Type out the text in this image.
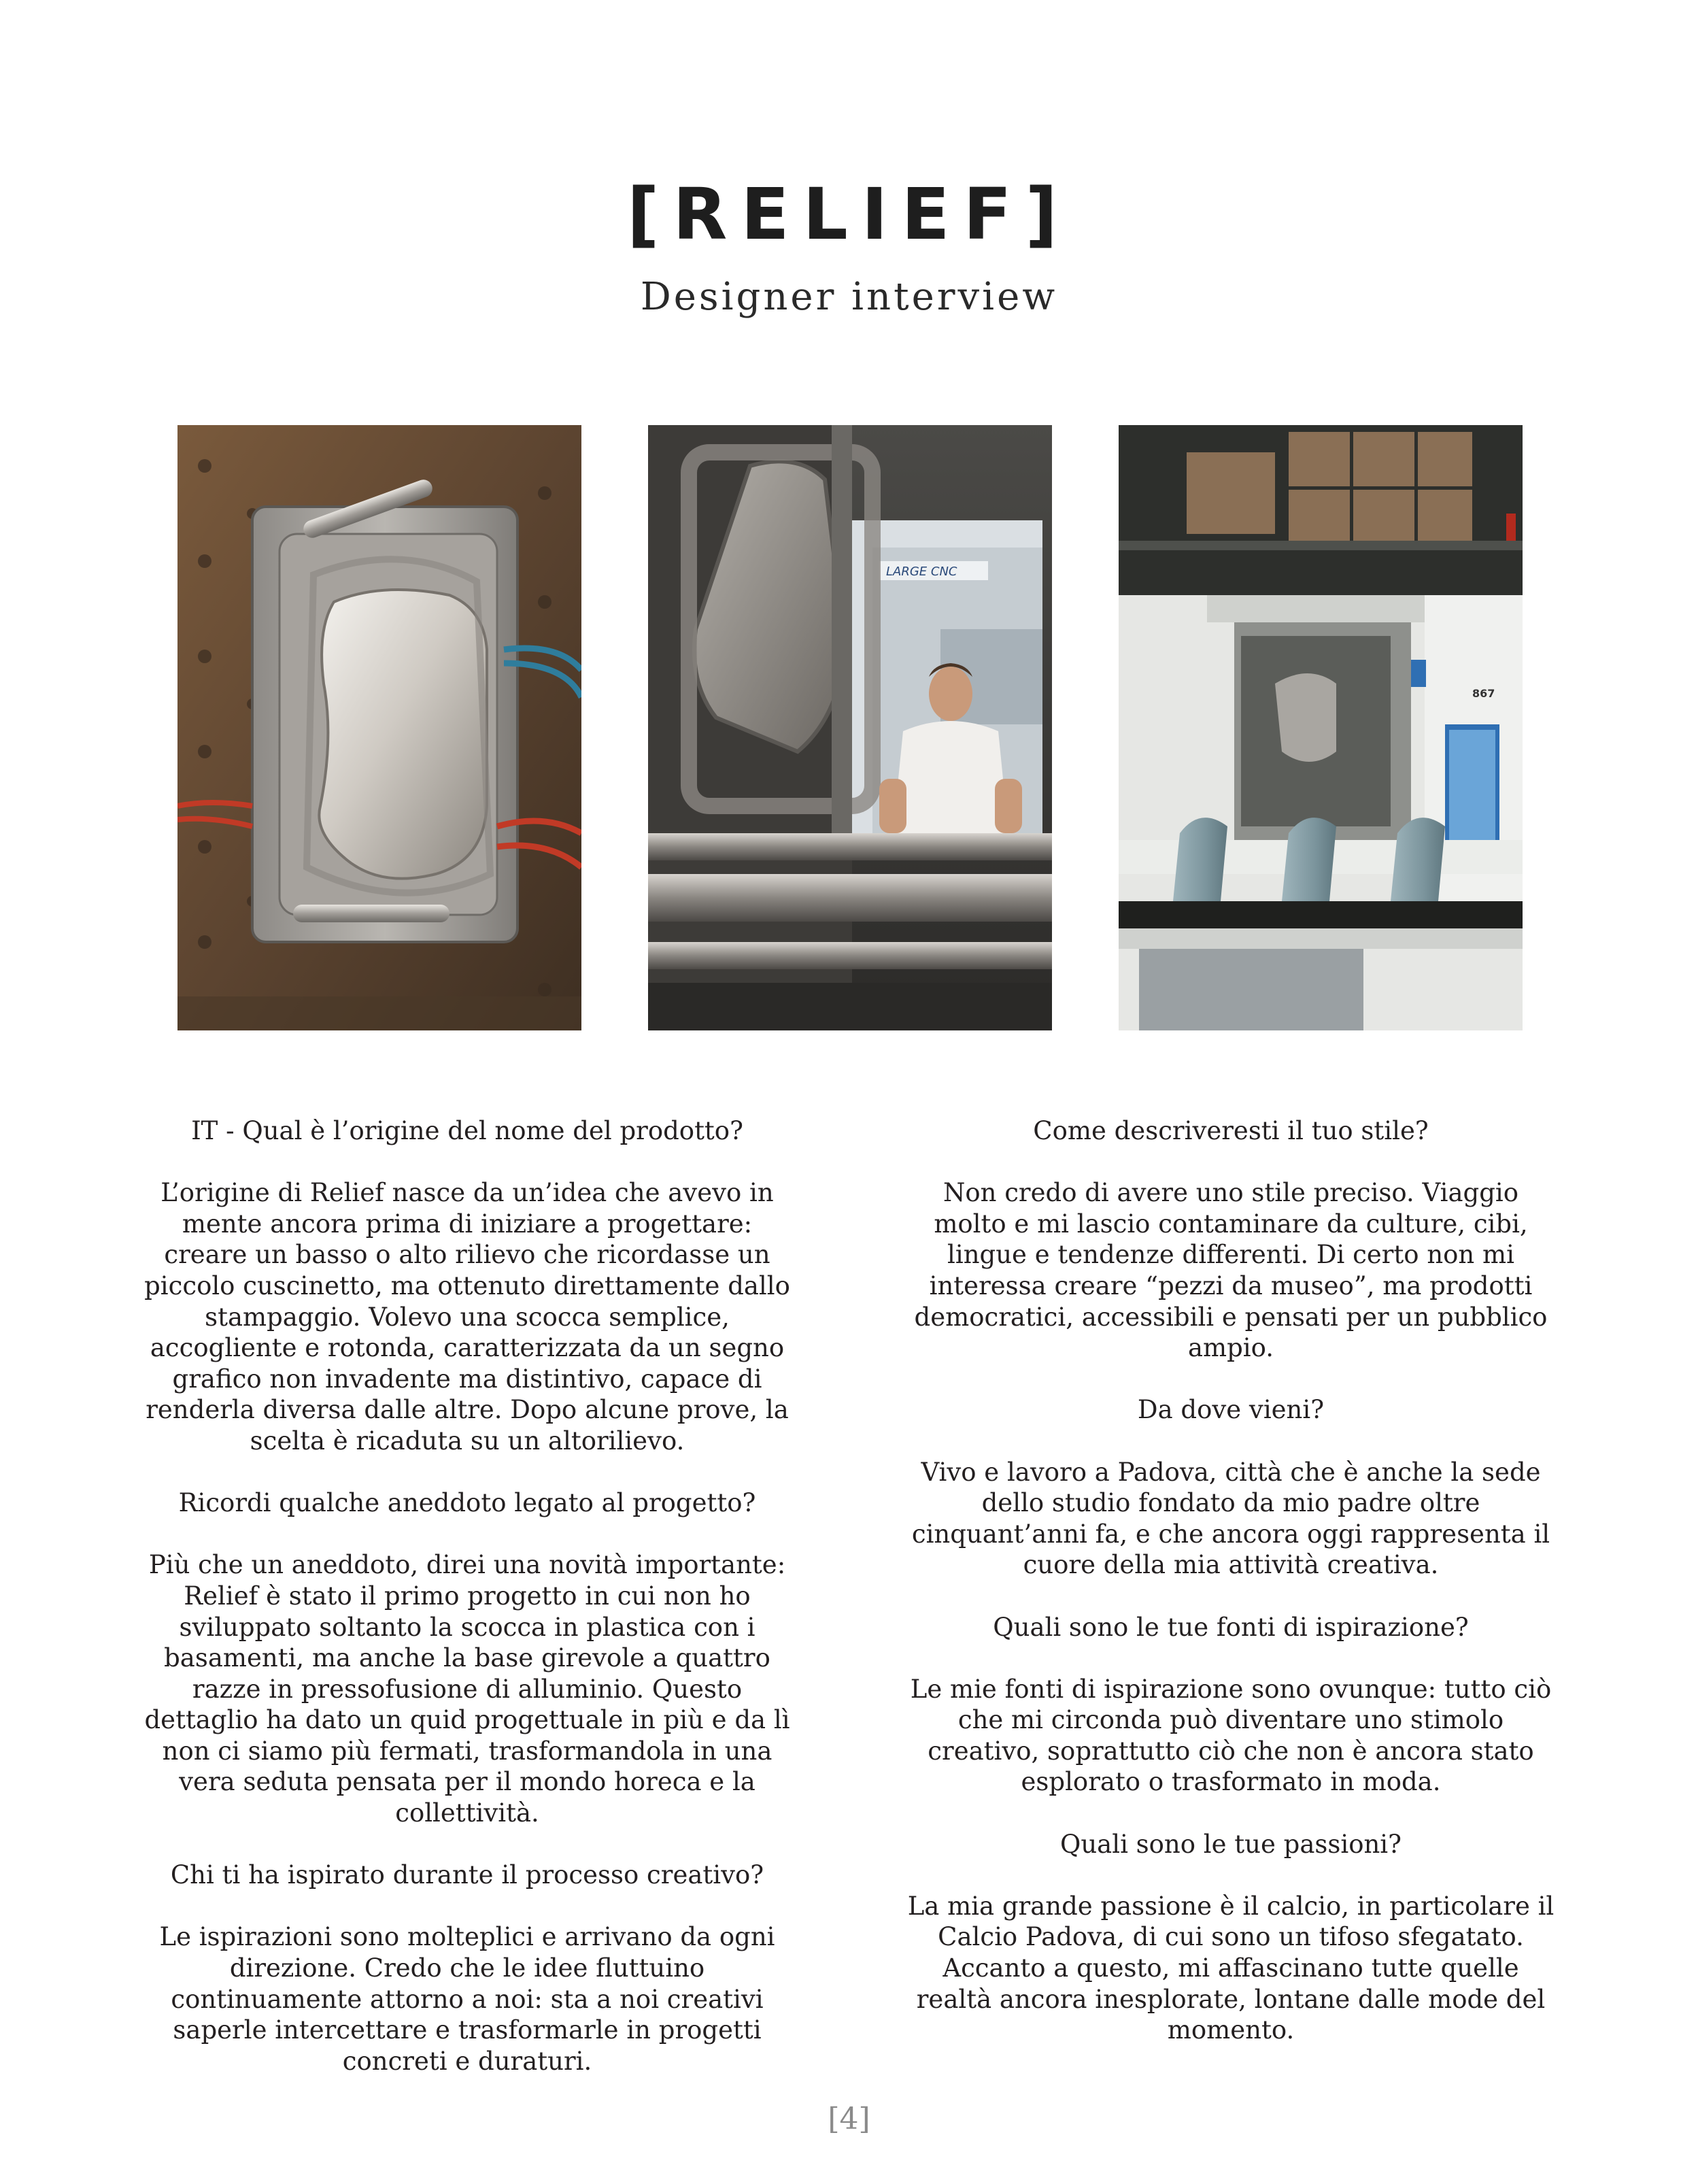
[RELIEF]
Designer interview
LARGE CNC
867

IT - Qual è l’origine del nome del prodotto?

L’origine di Relief nasce da un’idea che avevo in mente ancora prima di iniziare a progettare: creare un basso o alto rilievo che ricordasse un piccolo cuscinetto, ma ottenuto direttamente dallo stampaggio. Volevo una scocca semplice, accogliente e rotonda, caratterizzata da un segno grafico non invadente ma distintivo, capace di renderla diversa dalle altre. Dopo alcune prove, la scelta è ricaduta su un altorilievo.

Ricordi qualche aneddoto legato al progetto?

Più che un aneddoto, direi una novità importante: Relief è stato il primo progetto in cui non ho sviluppato soltanto la scocca in plastica con i basamenti, ma anche la base girevole a quattro razze in pressofusione di alluminio. Questo dettaglio ha dato un quid progettuale in più e da lì non ci siamo più fermati, trasformandola in una vera seduta pensata per il mondo horeca e la collettività.

Chi ti ha ispirato durante il processo creativo?

Le ispirazioni sono molteplici e arrivano da ogni direzione. Credo che le idee fluttuino continuamente attorno a noi: sta a noi creativi saperle intercettare e trasformarle in progetti concreti e duraturi.

Come descriveresti il tuo stile?

Non credo di avere uno stile preciso. Viaggio molto e mi lascio contaminare da culture, cibi, lingue e tendenze differenti. Di certo non mi interessa creare “pezzi da museo”, ma prodotti democratici, accessibili e pensati per un pubblico ampio.

Da dove vieni?

Vivo e lavoro a Padova, città che è anche la sede dello studio fondato da mio padre oltre cinquant’anni fa, e che ancora oggi rappresenta il cuore della mia attività creativa.

Quali sono le tue fonti di ispirazione?

Le mie fonti di ispirazione sono ovunque: tutto ciò che mi circonda può diventare uno stimolo creativo, soprattutto ciò che non è ancora stato esplorato o trasformato in moda.

Quali sono le tue passioni?

La mia grande passione è il calcio, in particolare il Calcio Padova, di cui sono un tifoso sfegatato. Accanto a questo, mi affascinano tutte quelle realtà ancora inesplorate, lontane dalle mode del momento.

[4]
